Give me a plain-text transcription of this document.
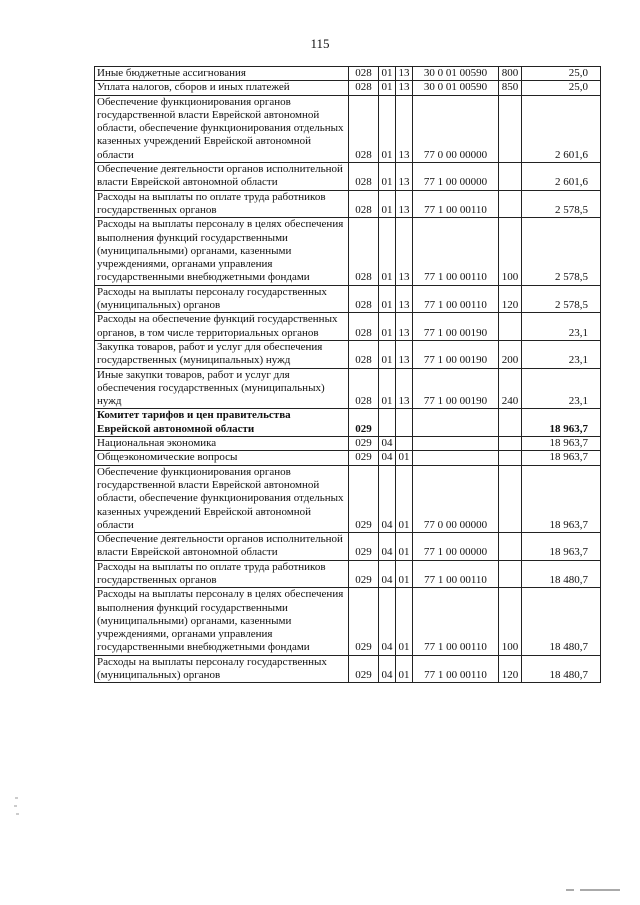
115
Иные бюджетные ассигнования	028	01	13	30 0 01 00590	800	25,0
Уплата налогов, сборов и иных платежей	028	01	13	30 0 01 00590	850	25,0
Обеспечение функционирования органов государственной власти Еврейской автономной области, обеспечение функционирования отдельных казенных учреждений Еврейской автономной области	028	01	13	77 0 00 00000		2 601,6
Обеспечение деятельности органов исполнительной власти Еврейской автономной области	028	01	13	77 1 00 00000		2 601,6
Расходы на выплаты по оплате труда работников государственных органов	028	01	13	77 1 00 00110		2 578,5
Расходы на выплаты персоналу в целях обеспечения выполнения функций государственными (муниципальными) органами, казенными учреждениями, органами управления государственными внебюджетными фондами	028	01	13	77 1 00 00110	100	2 578,5
Расходы на выплаты персоналу государственных (муниципальных) органов	028	01	13	77 1 00 00110	120	2 578,5
Расходы на обеспечение функций государственных органов, в том числе территориальных органов	028	01	13	77 1 00 00190		23,1
Закупка товаров, работ и услуг для обеспечения государственных (муниципальных) нужд	028	01	13	77 1 00 00190	200	23,1
Иные закупки товаров, работ и услуг для обеспечения государственных (муниципальных) нужд	028	01	13	77 1 00 00190	240	23,1
Комитет тарифов и цен правительства Еврейской автономной области	029					18 963,7
Национальная экономика	029	04				18 963,7
Общеэкономические вопросы	029	04	01			18 963,7
Обеспечение функционирования органов государственной власти Еврейской автономной области, обеспечение функционирования отдельных казенных учреждений Еврейской автономной области	029	04	01	77 0 00 00000		18 963,7
Обеспечение деятельности органов исполнительной власти Еврейской автономной области	029	04	01	77 1 00 00000		18 963,7
Расходы на выплаты по оплате труда работников государственных органов	029	04	01	77 1 00 00110		18 480,7
Расходы на выплаты персоналу в целях обеспечения выполнения функций государственными (муниципальными) органами, казенными учреждениями, органами управления государственными внебюджетными фондами	029	04	01	77 1 00 00110	100	18 480,7
Расходы на выплаты персоналу государственных (муниципальных) органов	029	04	01	77 1 00 00110	120	18 480,7
